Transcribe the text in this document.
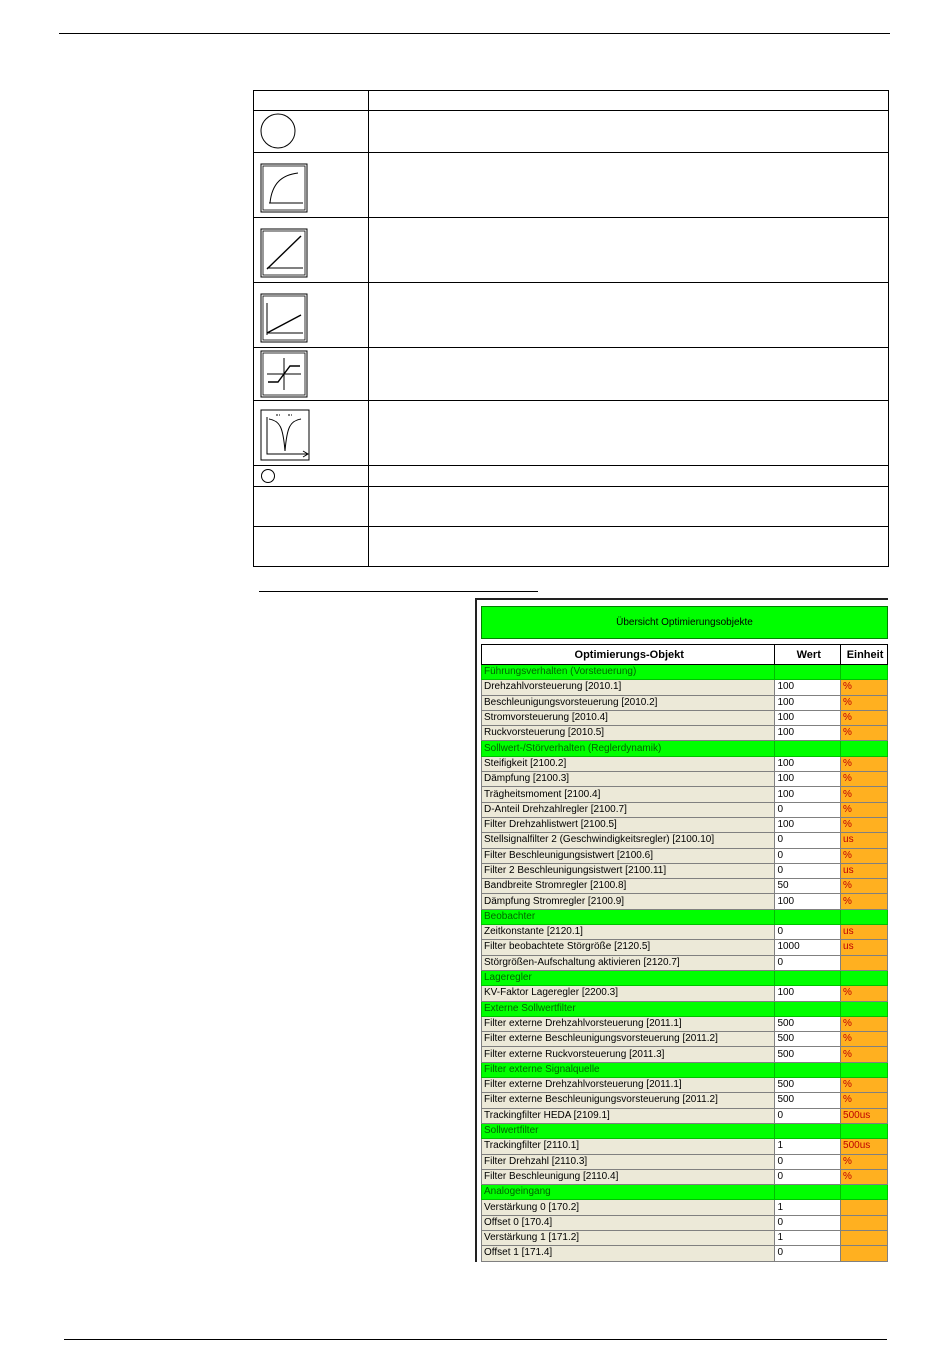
Übersicht Optimierungsobjekte
Optimierungs-Objekt	Wert	Einheit
Führungsverhalten (Vorsteuerung)		
Drehzahlvorsteuerung [2010.1]	100	%
Beschleunigungsvorsteuerung [2010.2]	100	%
Stromvorsteuerung [2010.4]	100	%
Ruckvorsteuerung [2010.5]	100	%
Sollwert-/Störverhalten (Reglerdynamik)		
Steifigkeit [2100.2]	100	%
Dämpfung [2100.3]	100	%
Trägheitsmoment [2100.4]	100	%
D-Anteil Drehzahlregler [2100.7]	0	%
Filter Drehzahlistwert [2100.5]	100	%
Stellsignalfilter 2 (Geschwindigkeitsregler) [2100.10]	0	us
Filter Beschleunigungsistwert [2100.6]	0	%
Filter 2 Beschleunigungsistwert [2100.11]	0	us
Bandbreite Stromregler [2100.8]	50	%
Dämpfung Stromregler [2100.9]	100	%
Beobachter		
Zeitkonstante [2120.1]	0	us
Filter beobachtete Störgröße [2120.5]	1000	us
Störgrößen-Aufschaltung aktivieren [2120.7]	0	
Lageregler		
KV-Faktor Lageregler [2200.3]	100	%
Externe Sollwertfilter		
Filter externe Drehzahlvorsteuerung [2011.1]	500	%
Filter externe Beschleunigungsvorsteuerung [2011.2]	500	%
Filter externe Ruckvorsteuerung [2011.3]	500	%
Filter externe Signalquelle		
Filter externe Drehzahlvorsteuerung [2011.1]	500	%
Filter externe Beschleunigungsvorsteuerung [2011.2]	500	%
Trackingfilter HEDA [2109.1]	0	500us
Sollwertfilter		
Trackingfilter [2110.1]	1	500us
Filter Drehzahl [2110.3]	0	%
Filter Beschleunigung [2110.4]	0	%
Analogeingang		
Verstärkung 0 [170.2]	1	
Offset 0 [170.4]	0	
Verstärkung 1 [171.2]	1	
Offset 1 [171.4]	0	
